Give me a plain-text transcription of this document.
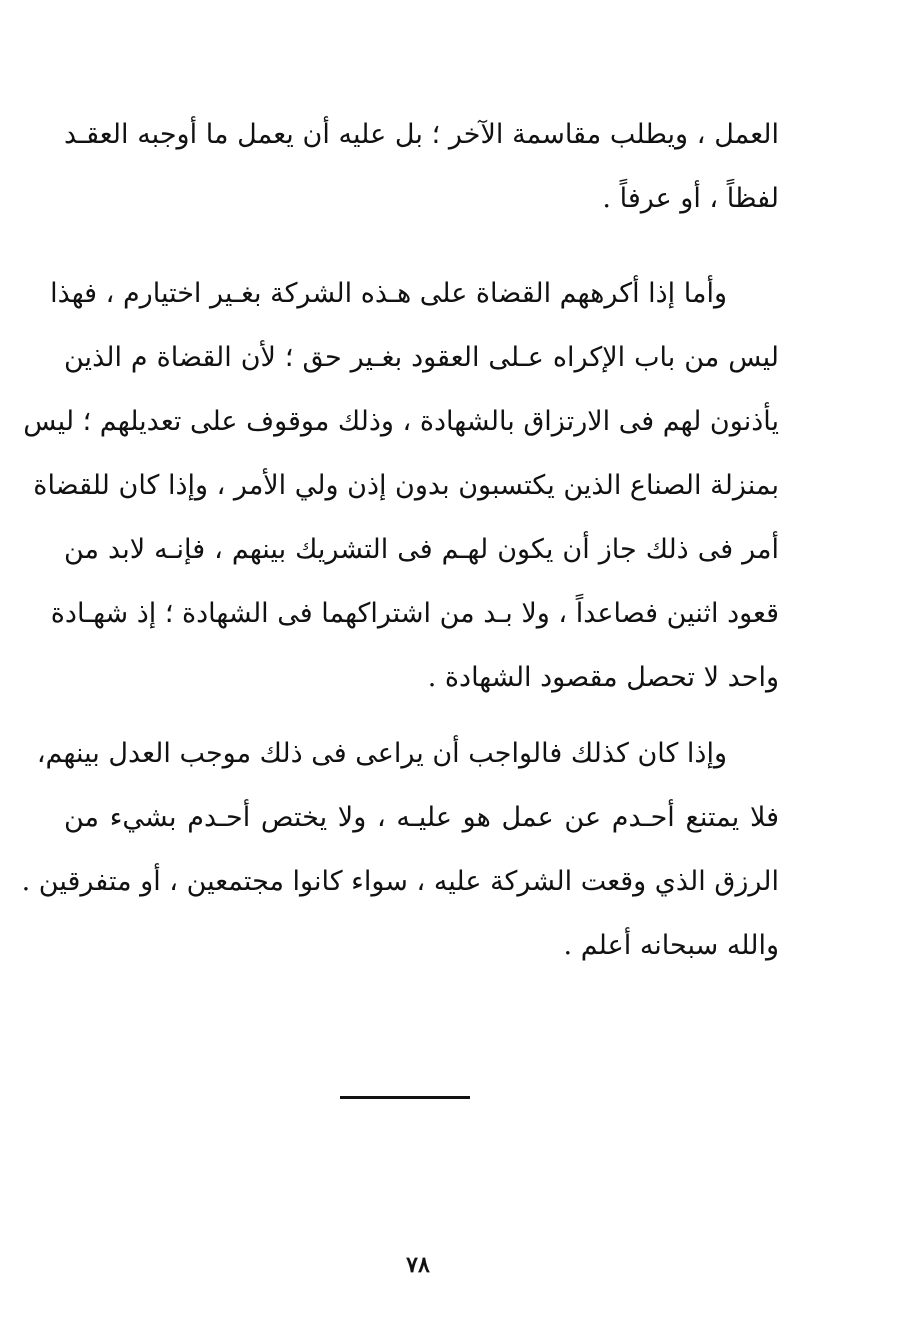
العمل ، ويطلب مقاسمة الآخر ؛ بل عليه أن يعمل ما أوجبه العقـد
لفظاً ، أو عرفاً .
وأما إذا أكرههم القضاة على هـذه الشركة بغـير اختيارم ، فهذا
ليس من باب الإكراه عـلى العقود بغـير حق ؛ لأن القضاة م الذين
يأذنون لهم فى الارتزاق بالشهادة ، وذلك موقوف على تعديلهم ؛ ليس
بمنزلة الصناع الذين يكتسبون بدون إذن ولي الأمر ، وإذا كان للقضاة
أمر فى ذلك جاز أن يكون لهـم فى التشريك بينهم ، فإنـه لابد من
قعود اثنين فصاعداً ، ولا بـد من اشتراكهما فى الشهادة ؛ إذ شهـادة
واحد لا تحصل مقصود الشهادة .
وإذا كان كذلك فالواجب أن يراعى فى ذلك موجب العدل بينهم،
فلا يمتنع أحـدم عن عمل هو عليـه ، ولا يختص أحـدم بشيء من
الرزق الذي وقعت الشركة عليه ، سواء كانوا مجتمعين ، أو متفرقين .
والله سبحانه أعلم .
٧٨
